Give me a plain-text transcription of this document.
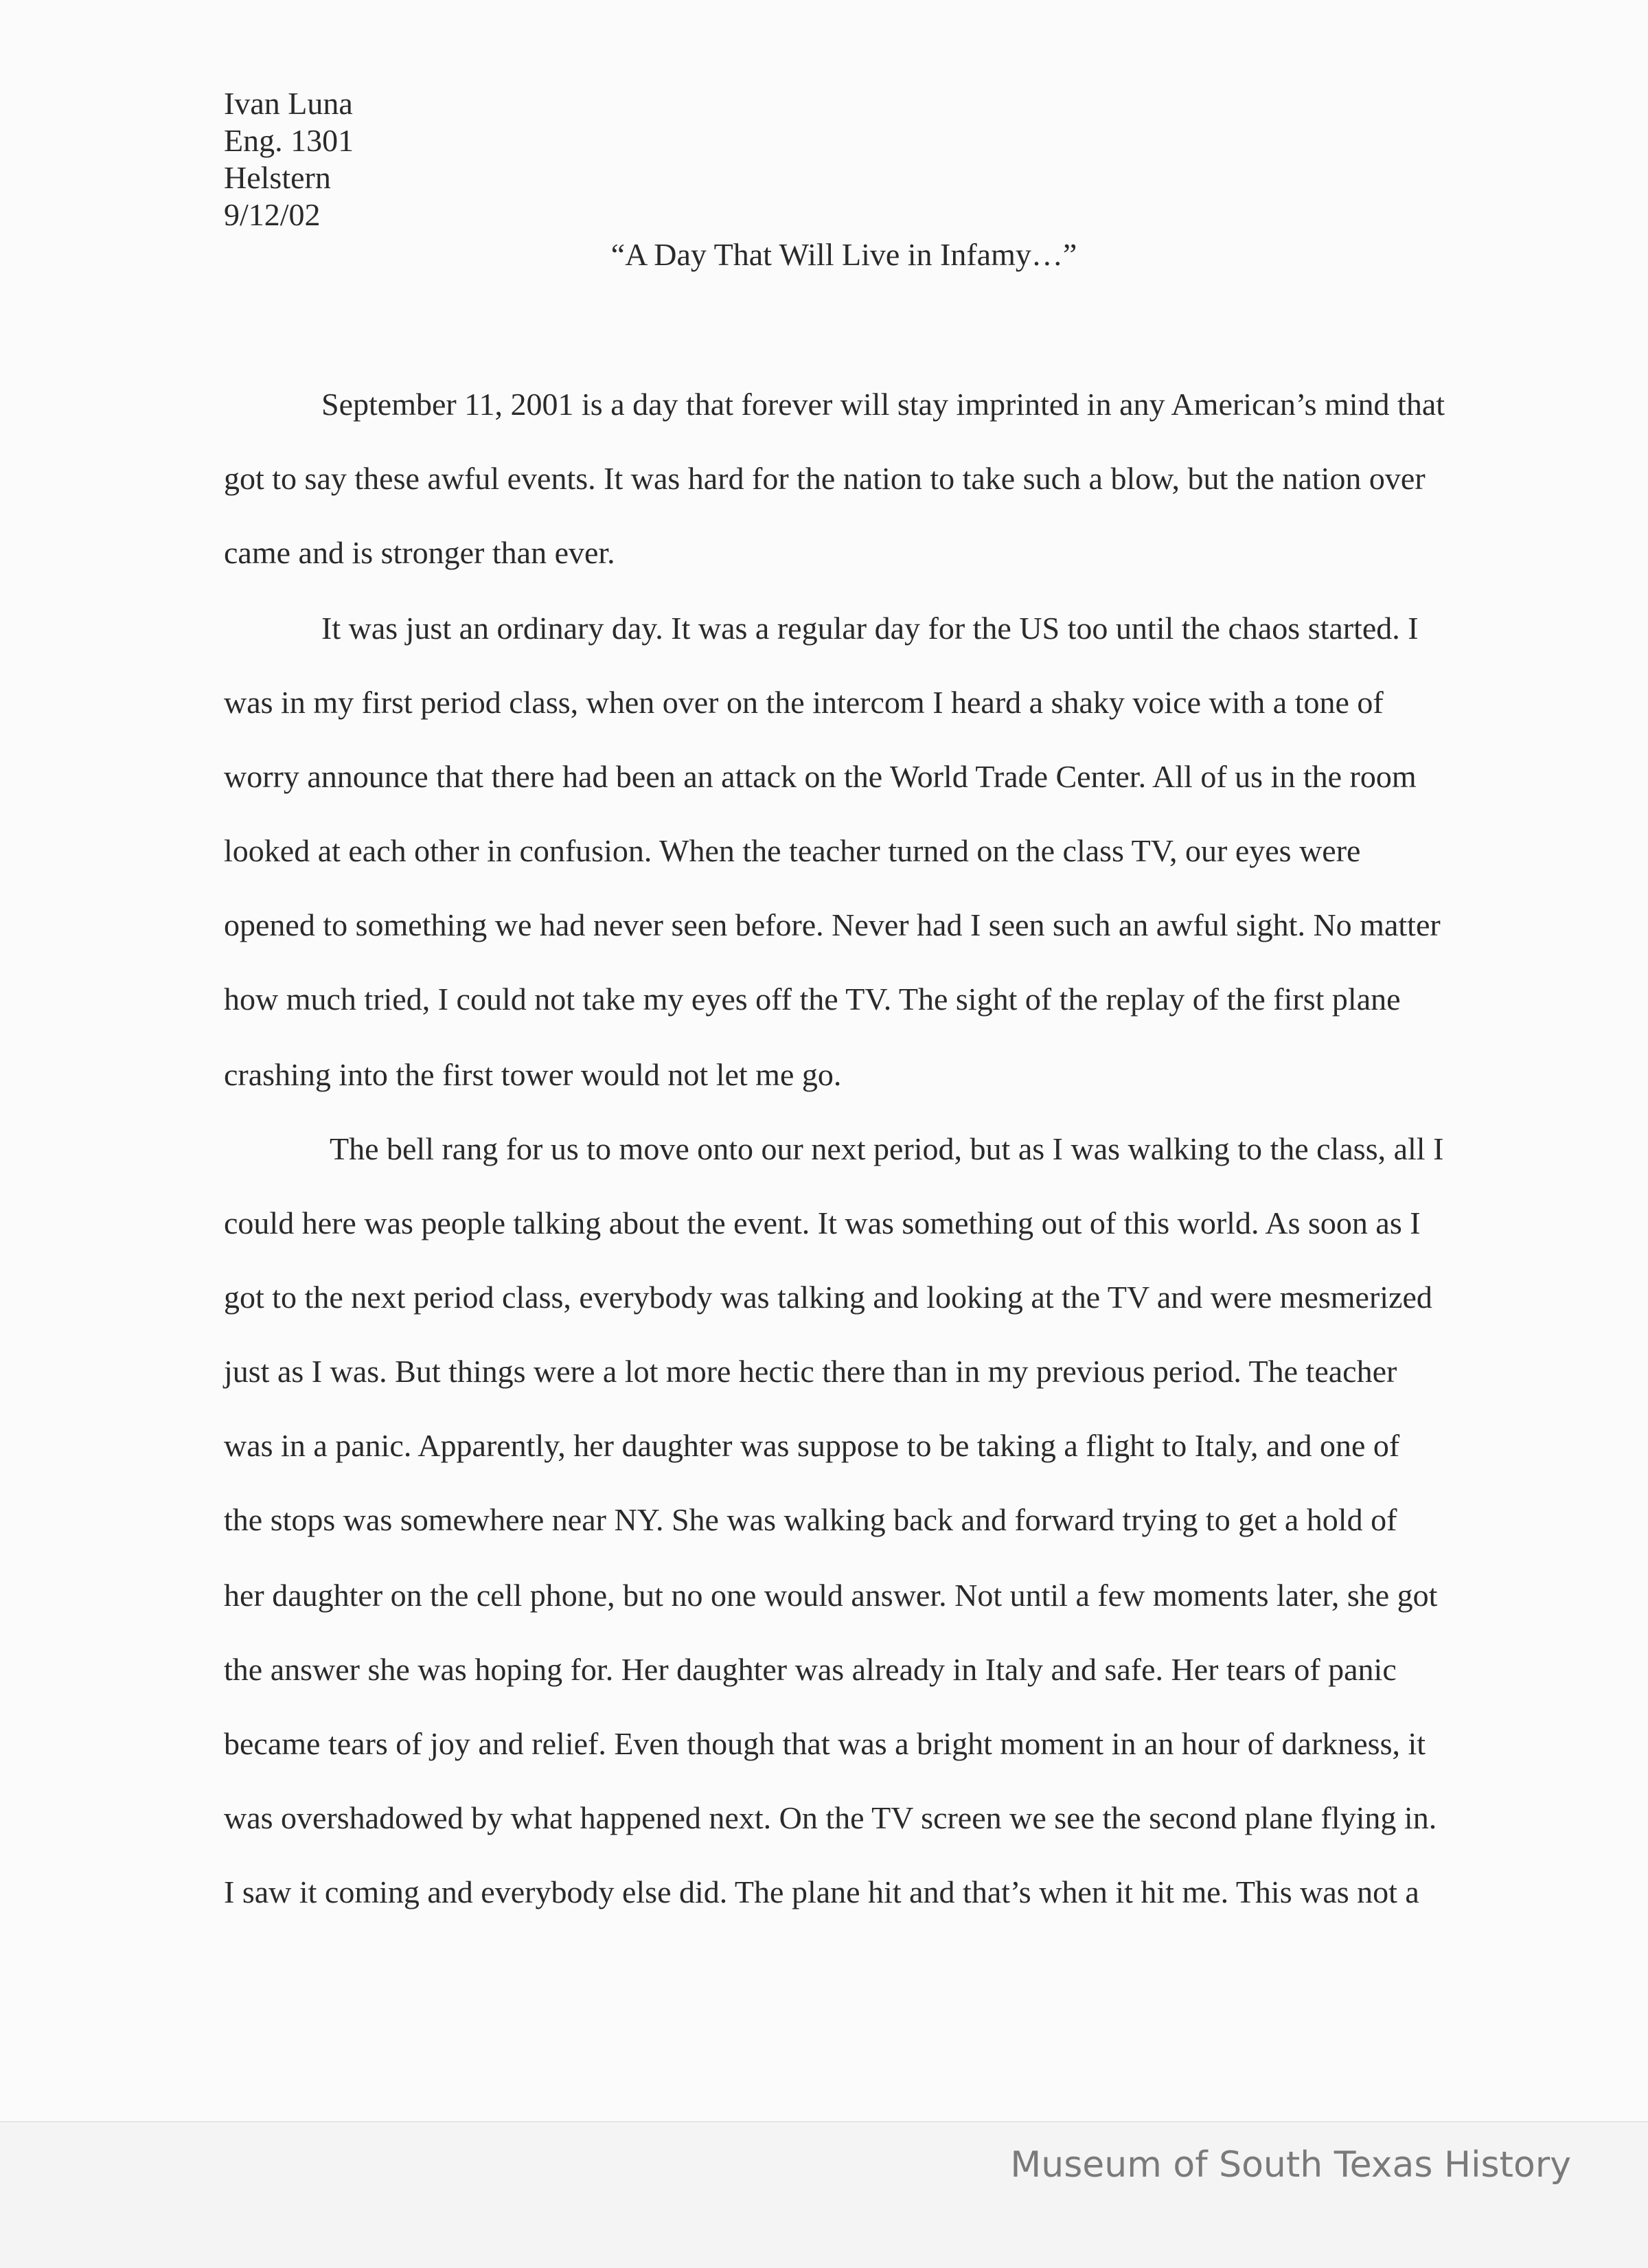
Ivan Luna
Eng. 1301
Helstern
9/12/02
“A Day That Will Live in Infamy…”
September 11, 2001 is a day that forever will stay imprinted in any American’s mind that
got to say these awful events. It was hard for the nation to take such a blow, but the nation over
came and is stronger than ever.
It was just an ordinary day. It was a regular day for the US too until the chaos started. I
was in my first period class, when over on the intercom I heard a shaky voice with a tone of
worry announce that there had been an attack on the World Trade Center. All of us in the room
looked at each other in confusion. When the teacher turned on the class TV, our eyes were
opened to something we had never seen before. Never had I seen such an awful sight. No matter
how much tried, I could not take my eyes off the TV. The sight of the replay of the first plane
crashing into the first tower would not let me go.
The bell rang for us to move onto our next period, but as I was walking to the class, all I
could here was people talking about the event. It was something out of this world. As soon as I
got to the next period class, everybody was talking and looking at the TV and were mesmerized
just as I was. But things were a lot more hectic there than in my previous period. The teacher
was in a panic. Apparently, her daughter was suppose to be taking a flight to Italy, and one of
the stops was somewhere near NY. She was walking back and forward trying to get a hold of
her daughter on the cell phone, but no one would answer. Not until a few moments later, she got
the answer she was hoping for. Her daughter was already in Italy and safe. Her tears of panic
became tears of joy and relief. Even though that was a bright moment in an hour of darkness, it
was overshadowed by what happened next. On the TV screen we see the second plane flying in.
I saw it coming and everybody else did. The plane hit and that’s when it hit me. This was not a
Museum of South Texas History
